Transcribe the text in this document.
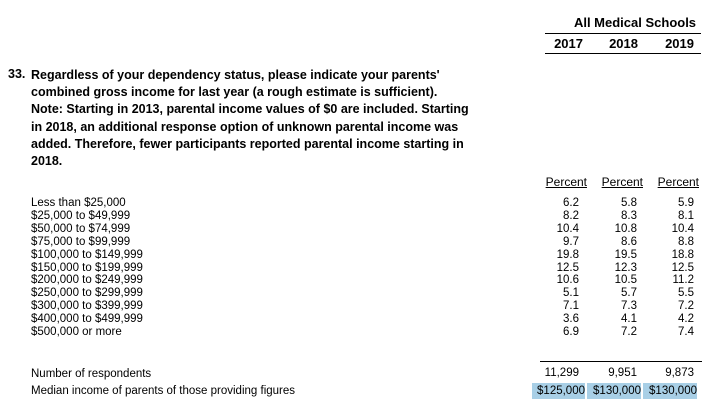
All Medical Schools
2017	2018	2019
33. Regardless of your dependency status, please indicate your parents'
combined gross income for last year (a rough estimate is sufficient).
Note: Starting in 2013, parental income values of $0 are included. Starting
in 2018, an additional response option of unknown parental income was
added. Therefore, fewer participants reported parental income starting in
2018.
Percent	Percent	Percent
Less than $25,000	6.2	5.8	5.9
$25,000 to $49,999	8.2	8.3	8.1
$50,000 to $74,999	10.4	10.8	10.4
$75,000 to $99,999	9.7	8.6	8.8
$100,000 to $149,999	19.8	19.5	18.8
$150,000 to $199,999	12.5	12.3	12.5
$200,000 to $249,999	10.6	10.5	11.2
$250,000 to $299,999	5.1	5.7	5.5
$300,000 to $399,999	7.1	7.3	7.2
$400,000 to $499,999	3.6	4.1	4.2
$500,000 or more	6.9	7.2	7.4
Number of respondents	11,299	9,951	9,873
Median income of parents of those providing figures	$125,000 $130,000 $130,000
